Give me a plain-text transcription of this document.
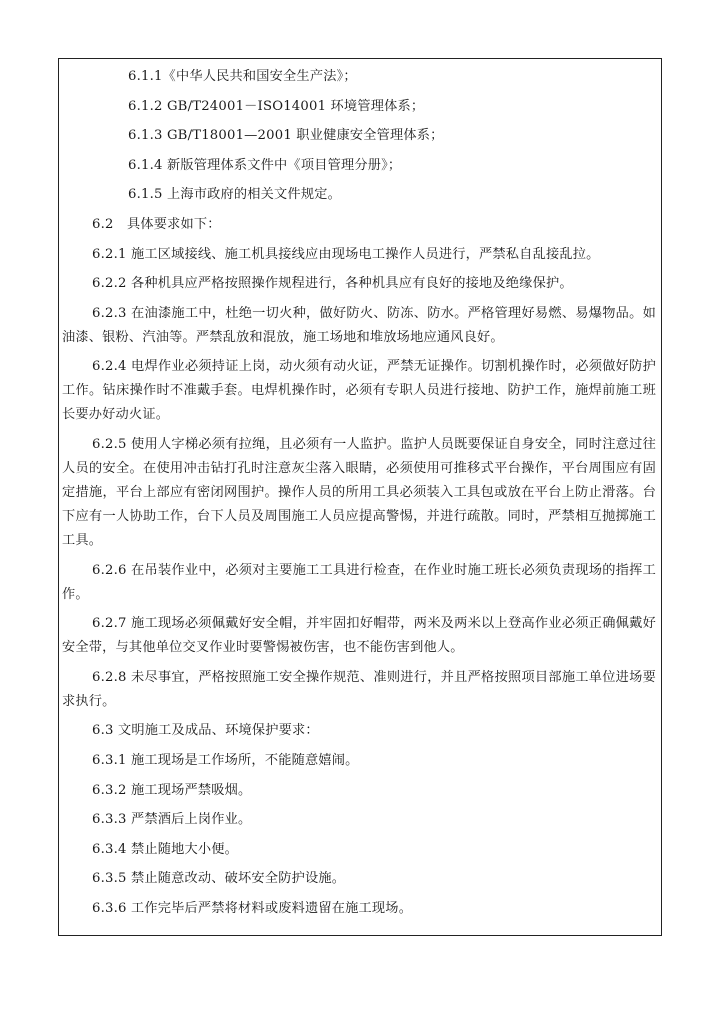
6.1.1《中华人民共和国安全生产法》；

6.1.2 GB/T24001－ISO14001 环境管理体系；

6.1.3 GB/T18001—2001 职业健康安全管理体系；

6.1.4 新版管理体系文件中《项目管理分册》；

6.1.5 上海市政府的相关文件规定。

6.2　具体要求如下：

6.2.1 施工区域接线、施工机具接线应由现场电工操作人员进行，严禁私自乱接乱拉。

6.2.2 各种机具应严格按照操作规程进行，各种机具应有良好的接地及绝缘保护。

6.2.3 在油漆施工中，杜绝一切火种，做好防火、防冻、防水。严格管理好易燃、易爆物品。如油漆、银粉、汽油等。严禁乱放和混放，施工场地和堆放场地应通风良好。

6.2.4 电焊作业必须持证上岗，动火须有动火证，严禁无证操作。切割机操作时，必须做好防护工作。钻床操作时不准戴手套。电焊机操作时，必须有专职人员进行接地、防护工作，施焊前施工班长要办好动火证。

6.2.5 使用人字梯必须有拉绳，且必须有一人监护。监护人员既要保证自身安全，同时注意过往人员的安全。在使用冲击钻打孔时注意灰尘落入眼睛，必须使用可推移式平台操作，平台周围应有固定措施，平台上部应有密闭网围护。操作人员的所用工具必须装入工具包或放在平台上防止滑落。台下应有一人协助工作，台下人员及周围施工人员应提高警惕，并进行疏散。同时，严禁相互抛掷施工工具。

6.2.6 在吊装作业中，必须对主要施工工具进行检查，在作业时施工班长必须负责现场的指挥工作。

6.2.7 施工现场必须佩戴好安全帽，并牢固扣好帽带，两米及两米以上登高作业必须正确佩戴好安全带，与其他单位交叉作业时要警惕被伤害，也不能伤害到他人。

6.2.8 未尽事宜，严格按照施工安全操作规范、准则进行，并且严格按照项目部施工单位进场要求执行。

6.3 文明施工及成品、环境保护要求：

6.3.1 施工现场是工作场所，不能随意嬉闹。

6.3.2 施工现场严禁吸烟。

6.3.3 严禁酒后上岗作业。

6.3.4 禁止随地大小便。

6.3.5 禁止随意改动、破坏安全防护设施。

6.3.6 工作完毕后严禁将材料或废料遗留在施工现场。
